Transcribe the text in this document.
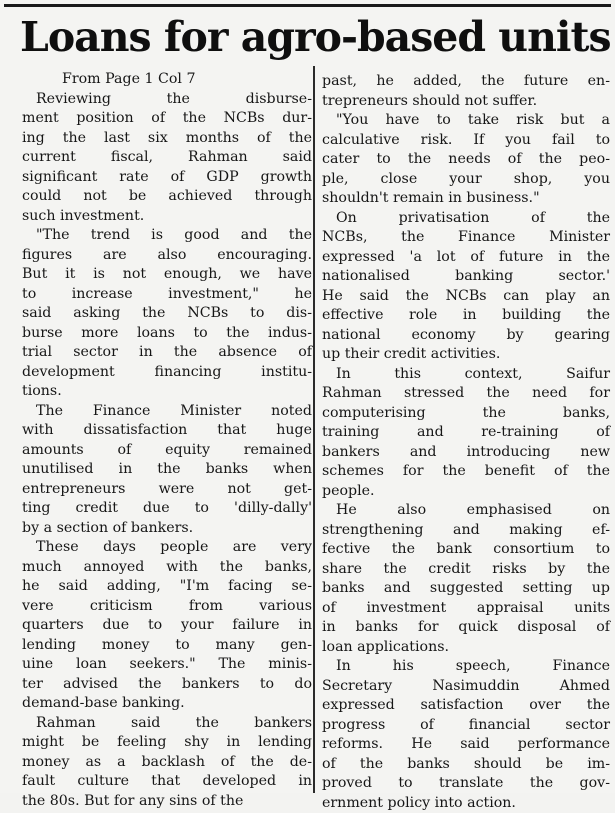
Loans for agro-based units
From Page 1 Col 7
Reviewing the disburse-
ment position of the NCBs dur-
ing the last six months of the
current fiscal, Rahman said
significant rate of GDP growth
could not be achieved through
such investment.
"The trend is good and the
figures are also encouraging.
But it is not enough, we have
to increase investment," he
said asking the NCBs to dis-
burse more loans to the indus-
trial sector in the absence of
development financing institu-
tions.
The Finance Minister noted
with dissatisfaction that huge
amounts of equity remained
unutilised in the banks when
entrepreneurs were not get-
ting credit due to 'dilly-dally'
by a section of bankers.
These days people are very
much annoyed with the banks,
he said adding, "I'm facing se-
vere criticism from various
quarters due to your failure in
lending money to many gen-
uine loan seekers." The minis-
ter advised the bankers to do
demand-base banking.
Rahman said the bankers
might be feeling shy in lending
money as a backlash of the de-
fault culture that developed in
the 80s. But for any sins of the
past, he added, the future en-
trepreneurs should not suffer.
"You have to take risk but a
calculative risk. If you fail to
cater to the needs of the peo-
ple, close your shop, you
shouldn't remain in business."
On privatisation of the
NCBs, the Finance Minister
expressed 'a lot of future in the
nationalised banking sector.'
He said the NCBs can play an
effective role in building the
national economy by gearing
up their credit activities.
In this context, Saifur
Rahman stressed the need for
computerising the banks,
training and re-training of
bankers and introducing new
schemes for the benefit of the
people.
He also emphasised on
strengthening and making ef-
fective the bank consortium to
share the credit risks by the
banks and suggested setting up
of investment appraisal units
in banks for quick disposal of
loan applications.
In his speech, Finance
Secretary Nasimuddin Ahmed
expressed satisfaction over the
progress of financial sector
reforms. He said performance
of the banks should be im-
proved to translate the gov-
ernment policy into action.
